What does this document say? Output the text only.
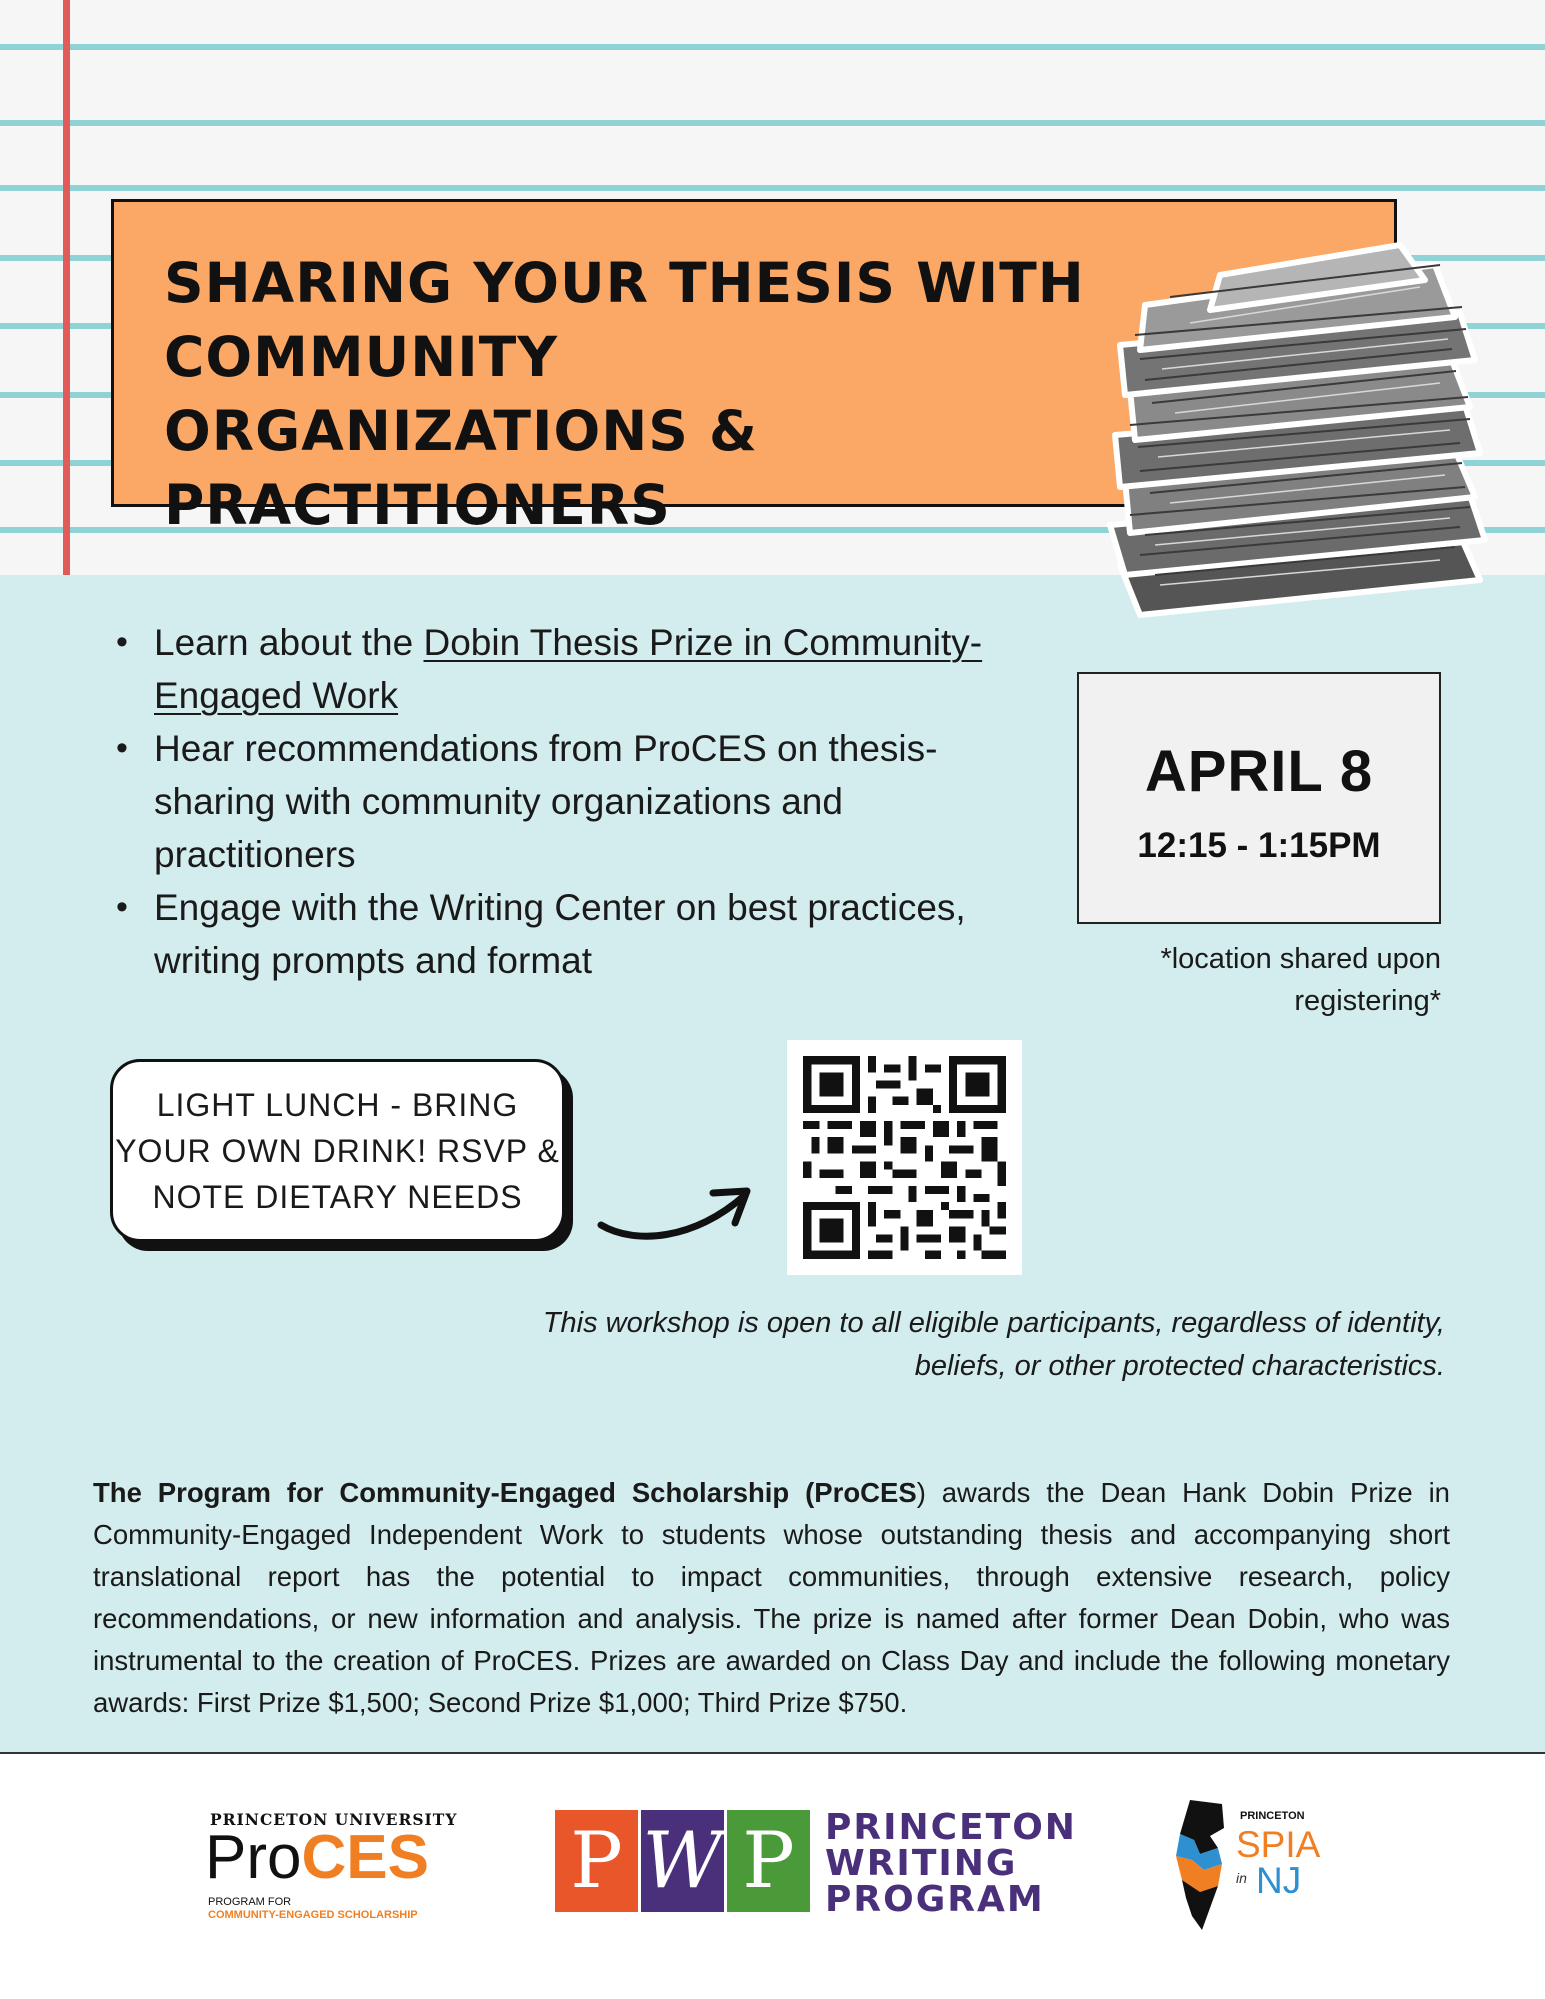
SHARING YOUR THESIS WITH COMMUNITY ORGANIZATIONS & PRACTITIONERS
• Learn about the Dobin Thesis Prize in Community-Engaged Work
• Hear recommendations from ProCES on thesis-sharing with community organizations and practitioners
• Engage with the Writing Center on best practices, writing prompts and format
APRIL 8
12:15 - 1:15PM
*location shared upon registering*

LIGHT LUNCH - BRING YOUR OWN DRINK! RSVP & NOTE DIETARY NEEDS

This workshop is open to all eligible participants, regardless of identity, beliefs, or other protected characteristics.

The Program for Community-Engaged Scholarship (ProCES) awards the Dean Hank Dobin Prize in Community-Engaged Independent Work to students whose outstanding thesis and accompanying short translational report has the potential to impact communities, through extensive research, policy recommendations, or new information and analysis. The prize is named after former Dean Dobin, who was instrumental to the creation of ProCES. Prizes are awarded on Class Day and include the following monetary awards: First Prize $1,500; Second Prize $1,000; Third Prize $750.

PRINCETON UNIVERSITY
ProCES
PROGRAM FOR
COMMUNITY-ENGAGED SCHOLARSHIP
P W P PRINCETON
WRITING
PROGRAM
PRINCETON
SPIA
in NJ
